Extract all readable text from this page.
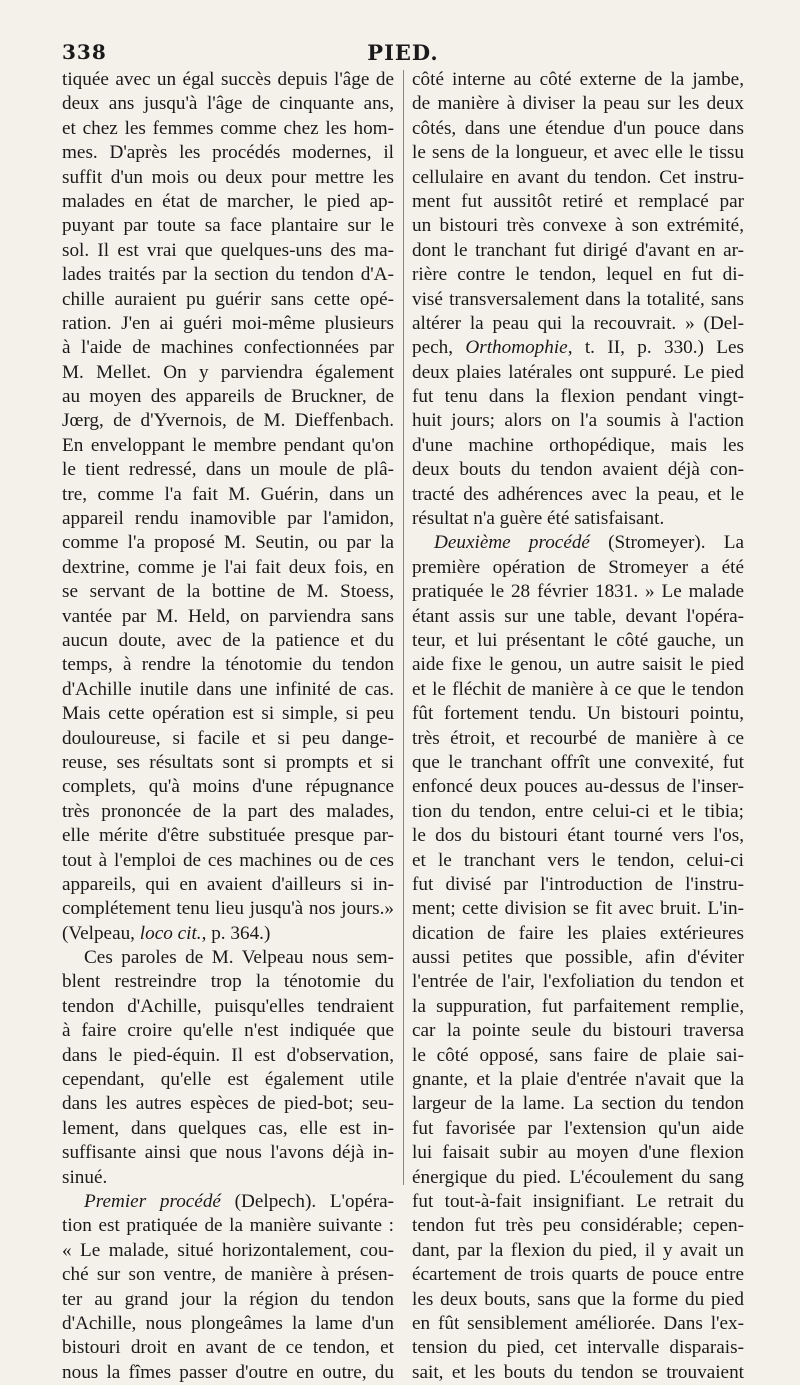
338	PIED.
tiquée avec un égal succès depuis l'âge de
deux ans jusqu'à l'âge de cinquante ans,
et chez les femmes comme chez les hom-
mes. D'après les procédés modernes, il
suffit d'un mois ou deux pour mettre les
malades en état de marcher, le pied ap-
puyant par toute sa face plantaire sur le
sol. Il est vrai que quelques-uns des ma-
lades traités par la section du tendon d'A-
chille auraient pu guérir sans cette opé-
ration. J'en ai guéri moi-même plusieurs
à l'aide de machines confectionnées par
M. Mellet. On y parviendra également
au moyen des appareils de Bruckner, de
Jœrg, de d'Yvernois, de M. Dieffenbach.
En enveloppant le membre pendant qu'on
le tient redressé, dans un moule de plâ-
tre, comme l'a fait M. Guérin, dans un
appareil rendu inamovible par l'amidon,
comme l'a proposé M. Seutin, ou par la
dextrine, comme je l'ai fait deux fois, en
se servant de la bottine de M. Stoess,
vantée par M. Held, on parviendra sans
aucun doute, avec de la patience et du
temps, à rendre la ténotomie du tendon
d'Achille inutile dans une infinité de cas.
Mais cette opération est si simple, si peu
douloureuse, si facile et si peu dange-
reuse, ses résultats sont si prompts et si
complets, qu'à moins d'une répugnance
très prononcée de la part des malades,
elle mérite d'être substituée presque par-
tout à l'emploi de ces machines ou de ces
appareils, qui en avaient d'ailleurs si in-
complétement tenu lieu jusqu'à nos jours.»
(Velpeau, loco cit., p. 364.)
Ces paroles de M. Velpeau nous sem-
blent restreindre trop la ténotomie du
tendon d'Achille, puisqu'elles tendraient
à faire croire qu'elle n'est indiquée que
dans le pied-équin. Il est d'observation,
cependant, qu'elle est également utile
dans les autres espèces de pied-bot; seu-
lement, dans quelques cas, elle est in-
suffisante ainsi que nous l'avons déjà in-
sinué.
Premier procédé (Delpech). L'opéra-
tion est pratiquée de la manière suivante :
« Le malade, situé horizontalement, cou-
ché sur son ventre, de manière à présen-
ter au grand jour la région du tendon
d'Achille, nous plongeâmes la lame d'un
bistouri droit en avant de ce tendon, et
nous la fîmes passer d'outre en outre, du
côté interne au côté externe de la jambe,
de manière à diviser la peau sur les deux
côtés, dans une étendue d'un pouce dans
le sens de la longueur, et avec elle le tissu
cellulaire en avant du tendon. Cet instru-
ment fut aussitôt retiré et remplacé par
un bistouri très convexe à son extrémité,
dont le tranchant fut dirigé d'avant en ar-
rière contre le tendon, lequel en fut di-
visé transversalement dans la totalité, sans
altérer la peau qui la recouvrait. » (Del-
pech, Orthomophie, t. II, p. 330.) Les
deux plaies latérales ont suppuré. Le pied
fut tenu dans la flexion pendant vingt-
huit jours; alors on l'a soumis à l'action
d'une machine orthopédique, mais les
deux bouts du tendon avaient déjà con-
tracté des adhérences avec la peau, et le
résultat n'a guère été satisfaisant.
Deuxième procédé (Stromeyer). La
première opération de Stromeyer a été
pratiquée le 28 février 1831. » Le malade
étant assis sur une table, devant l'opéra-
teur, et lui présentant le côté gauche, un
aide fixe le genou, un autre saisit le pied
et le fléchit de manière à ce que le tendon
fût fortement tendu. Un bistouri pointu,
très étroit, et recourbé de manière à ce
que le tranchant offrît une convexité, fut
enfoncé deux pouces au-dessus de l'inser-
tion du tendon, entre celui-ci et le tibia;
le dos du bistouri étant tourné vers l'os,
et le tranchant vers le tendon, celui-ci
fut divisé par l'introduction de l'instru-
ment; cette division se fit avec bruit. L'in-
dication de faire les plaies extérieures
aussi petites que possible, afin d'éviter
l'entrée de l'air, l'exfoliation du tendon et
la suppuration, fut parfaitement remplie,
car la pointe seule du bistouri traversa
le côté opposé, sans faire de plaie sai-
gnante, et la plaie d'entrée n'avait que la
largeur de la lame. La section du tendon
fut favorisée par l'extension qu'un aide
lui faisait subir au moyen d'une flexion
énergique du pied. L'écoulement du sang
fut tout-à-fait insignifiant. Le retrait du
tendon fut très peu considérable; cepen-
dant, par la flexion du pied, il y avait un
écartement de trois quarts de pouce entre
les deux bouts, sans que la forme du pied
en fût sensiblement améliorée. Dans l'ex-
tension du pied, cet intervalle disparais-
sait, et les bouts du tendon se trouvaient
